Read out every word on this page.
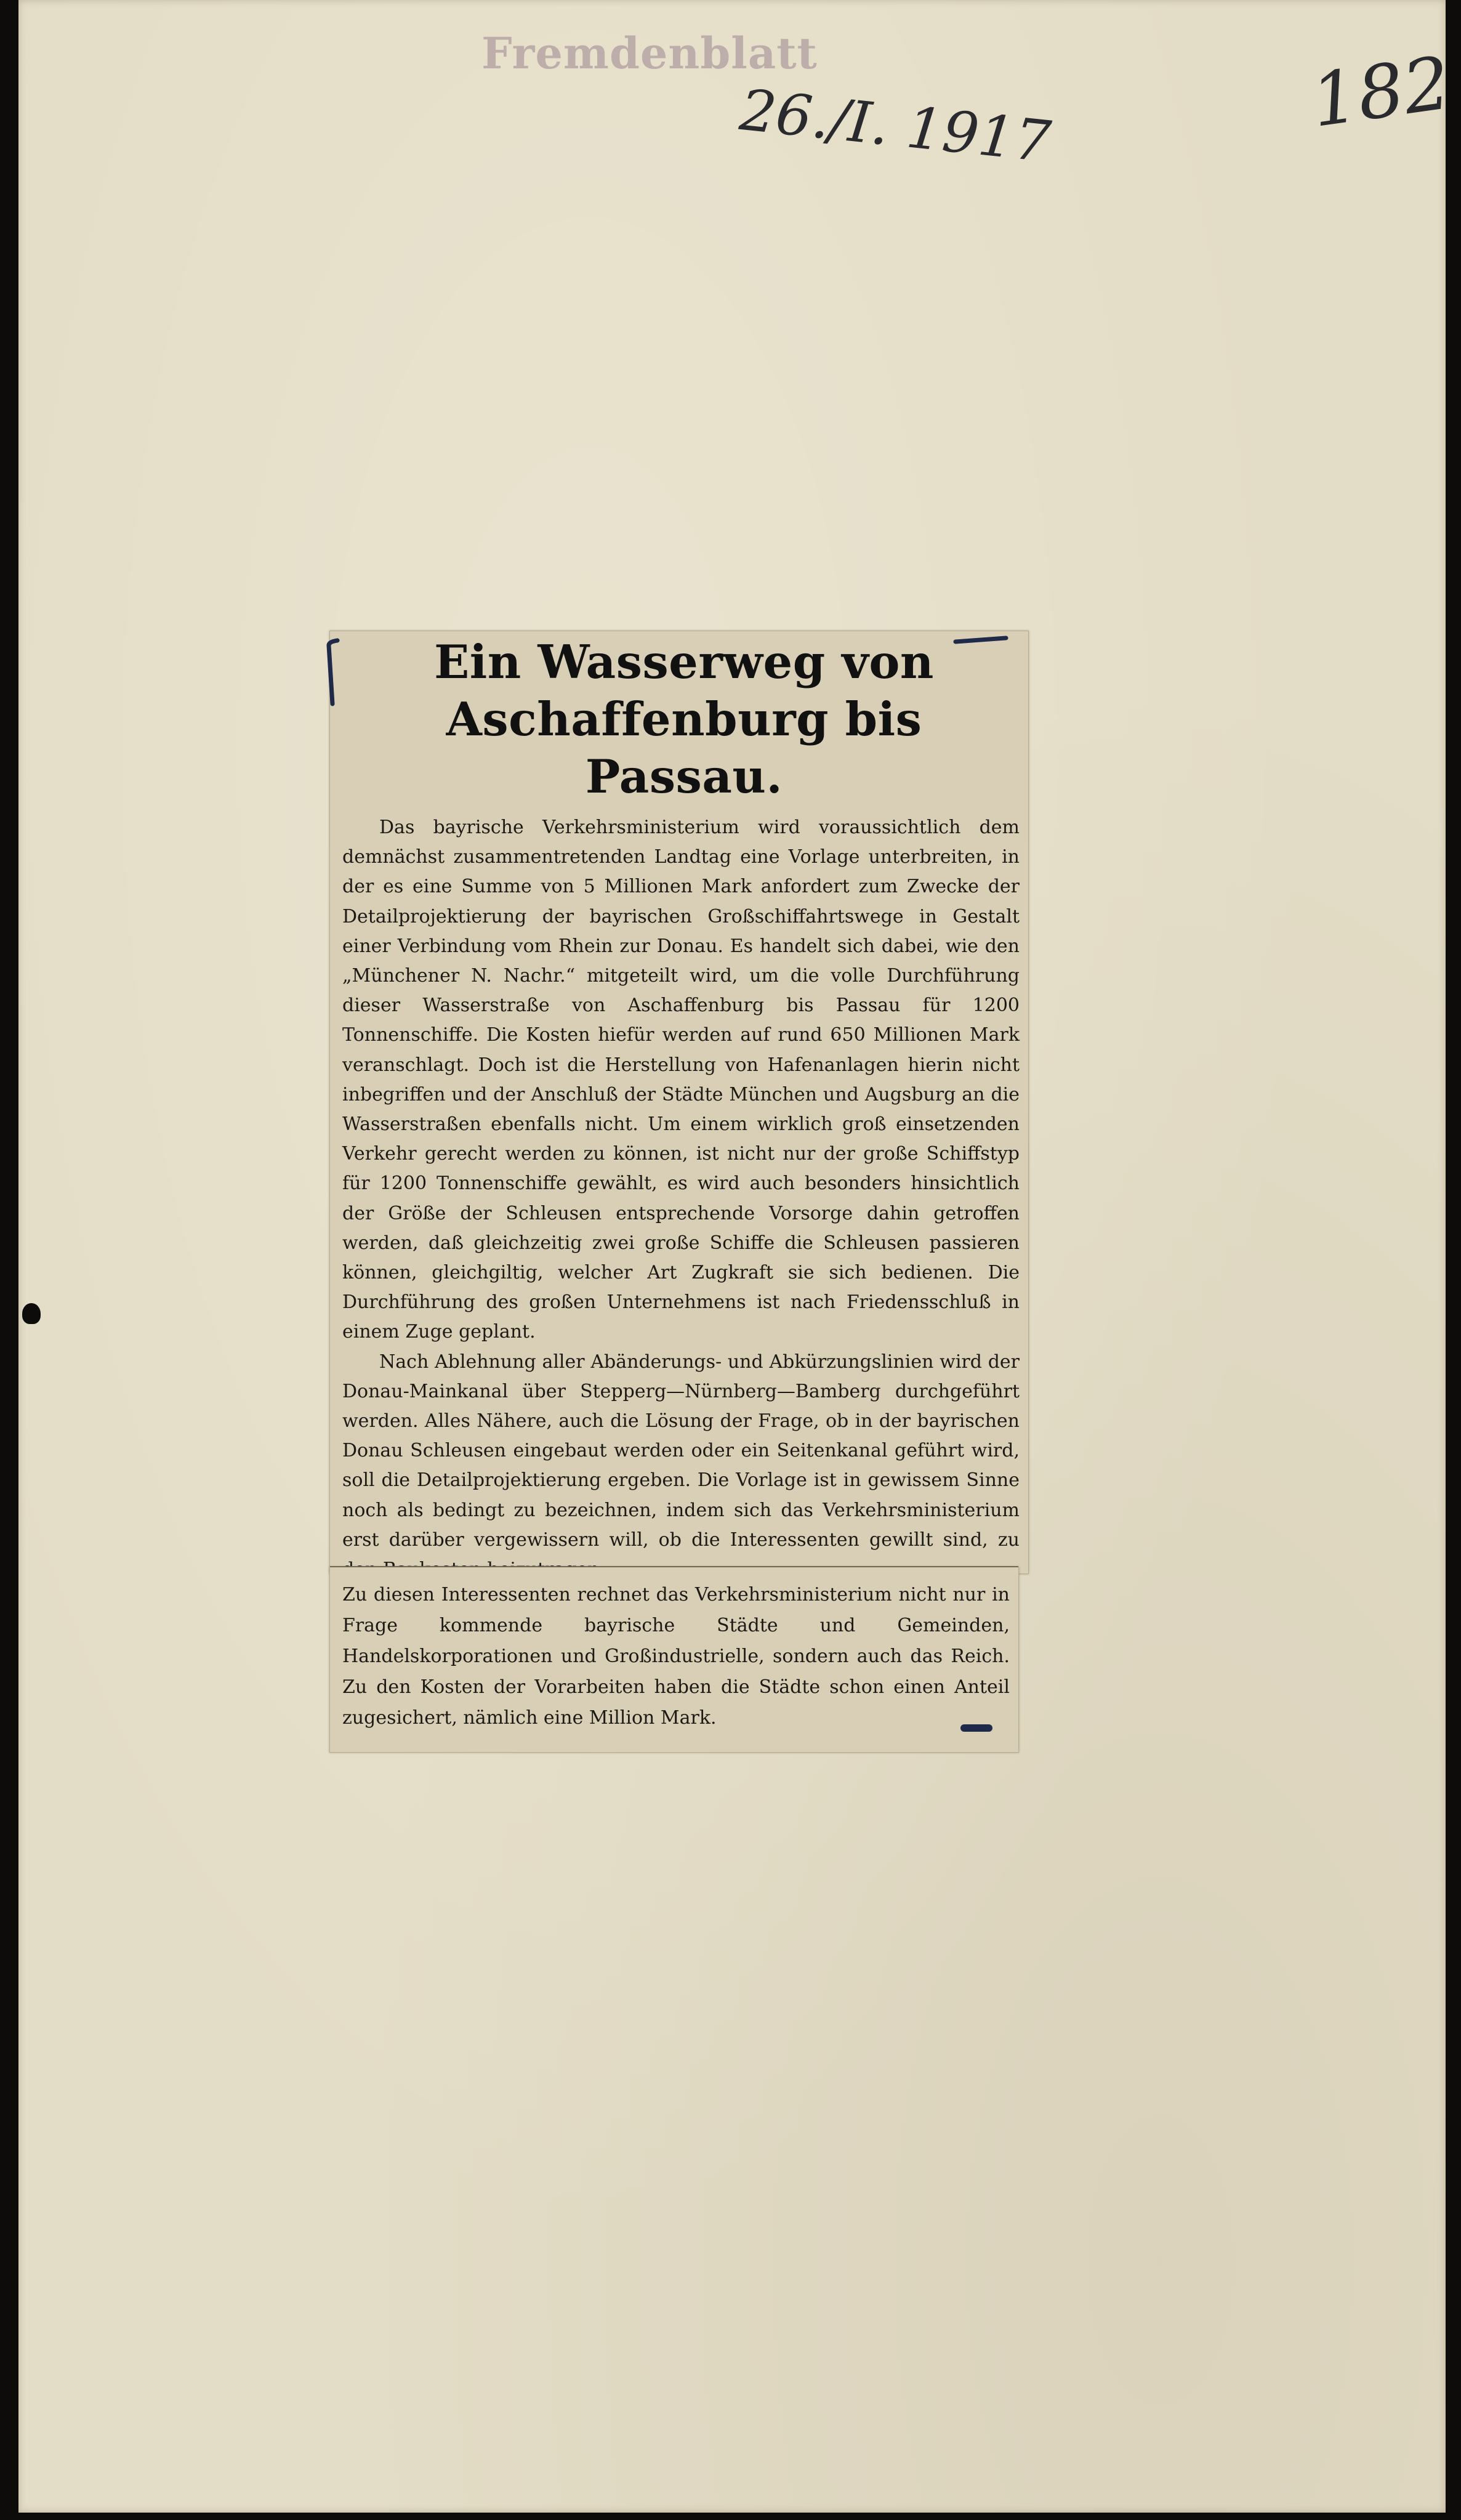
Fremdenblatt
26./I. 1917	182
Ein Wasserweg von Aschaffenburg bis Passau.

Das bayrische Verkehrsministerium wird voraussichtlich dem demnächst zusammentretenden Landtag eine Vorlage unterbreiten, in der es eine Summe von 5 Millionen Mark anfordert zum Zwecke der Detailprojektierung der bayrischen Großschiffahrtswege in Gestalt einer Verbindung vom Rhein zur Donau. Es handelt sich dabei, wie den „Münchener N. Nachr.“ mitgeteilt wird, um die volle Durchführung dieser Wasserstraße von Aschaffenburg bis Passau für 1200 Tonnenschiffe. Die Kosten hiefür werden auf rund 650 Millionen Mark veranschlagt. Doch ist die Herstellung von Hafenanlagen hierin nicht inbegriffen und der Anschluß der Städte München und Augsburg an die Wasserstraßen ebenfalls nicht. Um einem wirklich groß einsetzenden Verkehr gerecht werden zu können, ist nicht nur der große Schiffstyp für 1200 Tonnenschiffe gewählt, es wird auch besonders hinsichtlich der Größe der Schleusen entsprechende Vorsorge dahin getroffen werden, daß gleichzeitig zwei große Schiffe die Schleusen passieren können, gleichgiltig, welcher Art Zugkraft sie sich bedienen. Die Durchführung des großen Unternehmens ist nach Friedensschluß in einem Zuge geplant.

Nach Ablehnung aller Abänderungs- und Abkürzungslinien wird der Donau-Mainkanal über Stepperg—Nürnberg—Bamberg durchgeführt werden. Alles Nähere, auch die Lösung der Frage, ob in der bayrischen Donau Schleusen eingebaut werden oder ein Seitenkanal geführt wird, soll die Detailprojektierung ergeben. Die Vorlage ist in gewissem Sinne noch als bedingt zu bezeichnen, indem sich das Verkehrsministerium erst darüber vergewissern will, ob die Interessenten gewillt sind, zu

Zu diesen Interessenten rechnet das Verkehrsministerium nicht nur in Frage kommende bayrische Städte und Gemeinden, Handelskorporationen und Großindustrielle, sondern auch das Reich. Zu den Kosten der Vorarbeiten haben die Städte schon einen Anteil zugesichert, nämlich eine Million Mark.
